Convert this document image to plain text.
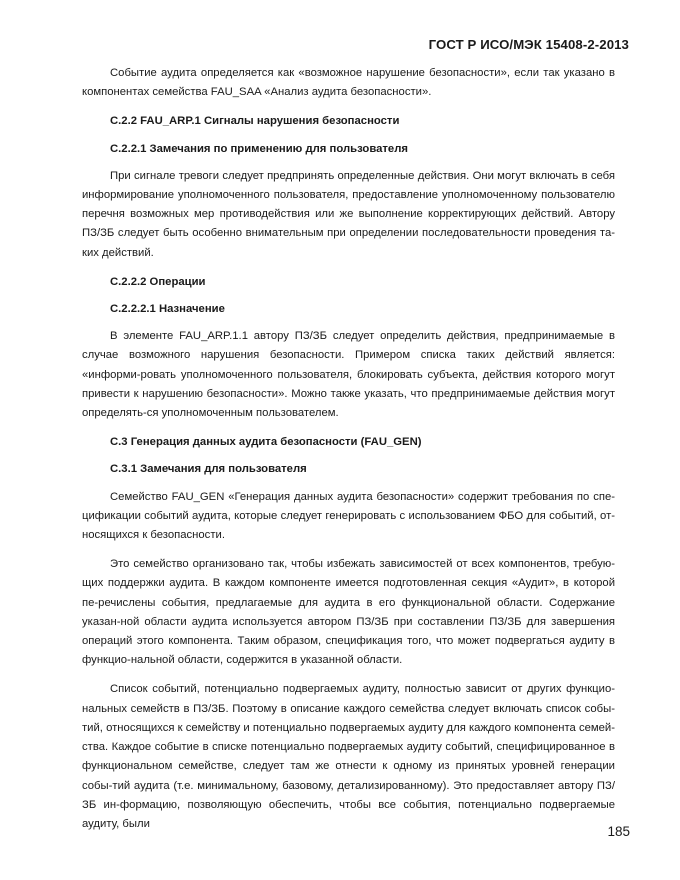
ГОСТ Р ИСО/МЭК 15408-2-2013

Событие аудита определяется как «возможное нарушение безопасности», если так указано в компонентах семейства FAU_SAA «Анализ аудита безопасности».

C.2.2 FAU_ARP.1 Сигналы нарушения безопасности

C.2.2.1 Замечания по применению для пользователя

При сигнале тревоги следует предпринять определенные действия. Они могут включать в себя информирование уполномоченного пользователя, предоставление уполномоченному пользователю перечня возможных мер противодействия или же выполнение корректирующих действий. Автору ПЗ/ЗБ следует быть особенно внимательным при определении последовательности проведения та-ких действий.

C.2.2.2 Операции

C.2.2.2.1 Назначение

В элементе FAU_ARP.1.1 автору ПЗ/ЗБ следует определить действия, предпринимаемые в случае возможного нарушения безопасности. Примером списка таких действий является: «информи-ровать уполномоченного пользователя, блокировать субъекта, действия которого могут привести к нарушению безопасности». Можно также указать, что предпринимаемые действия могут определять-ся уполномоченным пользователем.

C.3 Генерация данных аудита безопасности (FAU_GEN)

C.3.1 Замечания для пользователя

Семейство FAU_GEN «Генерация данных аудита безопасности» содержит требования по спе-цификации событий аудита, которые следует генерировать с использованием ФБО для событий, от-носящихся к безопасности.

Это семейство организовано так, чтобы избежать зависимостей от всех компонентов, требую-щих поддержки аудита. В каждом компоненте имеется подготовленная секция «Аудит», в которой пе-речислены события, предлагаемые для аудита в его функциональной области. Содержание указан-ной области аудита используется автором ПЗ/ЗБ при составлении ПЗ/ЗБ для завершения операций этого компонента. Таким образом, спецификация того, что может подвергаться аудиту в функцио-нальной области, содержится в указанной области.

Список событий, потенциально подвергаемых аудиту, полностью зависит от других функцио-нальных семейств в ПЗ/ЗБ. Поэтому в описание каждого семейства следует включать список собы-тий, относящихся к семейству и потенциально подвергаемых аудиту для каждого компонента семей-ства. Каждое событие в списке потенциально подвергаемых аудиту событий, специфицированное в функциональном семействе, следует там же отнести к одному из принятых уровней генерации собы-тий аудита (т.е. минимальному, базовому, детализированному). Это предоставляет автору ПЗ/ЗБ ин-формацию, позволяющую обеспечить, чтобы все события, потенциально подвергаемые аудиту, были

185
